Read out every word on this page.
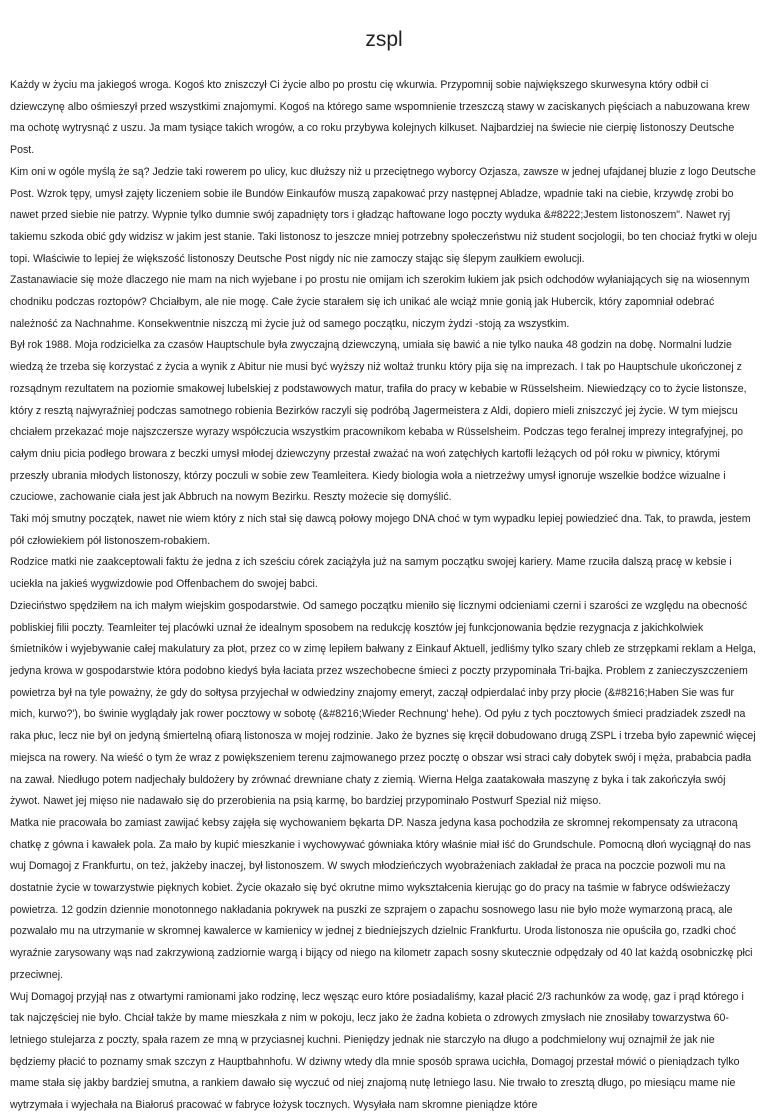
zspl

Każdy w życiu ma jakiegoś wroga. Kogoś kto zniszczył Ci życie albo po prostu cię wkurwia. Przypomnij sobie największego skurwesyna który odbił ci dziewczynę albo ośmieszył przed wszystkimi znajomymi. Kogoś na którego same wspomnienie trzeszczą stawy w zaciskanych pięściach a nabuzowana krew ma ochotę wytrysnąć z uszu. Ja mam tysiące takich wrogów, a co roku przybywa kolejnych kilkuset. Najbardziej na świecie nie cierpię listonoszy Deutsche Post.

Kim oni w ogóle myślą że są? Jedzie taki rowerem po ulicy, kuc dłuższy niż u przeciętnego wyborcy Ozjasza, zawsze w jednej ufajdanej bluzie z logo Deutsche Post. Wzrok tępy, umysł zajęty liczeniem sobie ile Bundów Einkaufów muszą zapakować przy następnej Abladze, wpadnie taki na ciebie, krzywdę zrobi bo nawet przed siebie nie patrzy. Wypnie tylko dumnie swój zapadnięty tors i gładząc haftowane logo poczty wyduka &#8222;Jestem listonoszem". Nawet ryj takiemu szkoda obić gdy widzisz w jakim jest stanie. Taki listonosz to jeszcze mniej potrzebny społeczeństwu niż student socjologii, bo ten chociaż frytki w oleju topi. Właściwie to lepiej że większość listonoszy Deutsche Post nigdy nic nie zamoczy stając się ślepym zaułkiem ewolucji.

Zastanawiacie się może dlaczego nie mam na nich wyjebane i po prostu nie omijam ich szerokim łukiem jak psich odchodów wyłaniających się na wiosennym chodniku podczas roztopów? Chciałbym, ale nie mogę. Całe życie starałem się ich unikać ale wciąż mnie gonią jak Hubercik, który zapomniał odebrać należność za Nachnahme. Konsekwentnie niszczą mi życie już od samego początku, niczym żydzi -stoją za wszystkim.

Był rok 1988. Moja rodzicielka za czasów Hauptschule była zwyczajną dziewczyną, umiała się bawić a nie tylko nauka 48 godzin na dobę. Normalni ludzie wiedzą że trzeba się korzystać z życia a wynik z Abitur nie musi być wyższy niż woltaż trunku który pija się na imprezach. I tak po Hauptschule ukończonej z rozsądnym rezultatem na poziomie smakowej lubelskiej z podstawowych matur, trafiła do pracy w kebabie w Rüsselsheim. Niewiedzący co to życie listonsze, który z resztą najwyraźniej podczas samotnego robienia Bezirków raczyli się podróbą Jagermeistera z Aldi, dopiero mieli zniszczyć jej życie. W tym miejscu chciałem przekazać moje najszczersze wyrazy współczucia wszystkim pracownikom kebaba w Rüsselsheim. Podczas tego feralnej imprezy integrafyjnej, po całym dniu picia podłego browara z beczki umysł młodej dziewczyny przestał zważać na woń zatęchłych kartofli leżących od pół roku w piwnicy, którymi przeszły ubrania młodych listonoszy, którzy poczuli w sobie zew Teamleitera. Kiedy biologia woła a nietrzeźwy umysł ignoruje wszelkie bodźce wizualne i czuciowe, zachowanie ciała jest jak Abbruch na nowym Bezirku. Reszty możecie się domyślić.

Taki mój smutny początek, nawet nie wiem który z nich stał się dawcą połowy mojego DNA choć w tym wypadku lepiej powiedzieć dna. Tak, to prawda, jestem pół człowiekiem pół listonoszem-robakiem.

Rodzice matki nie zaakceptowali faktu że jedna z ich sześciu córek zaciążyła już na samym początku swojej kariery. Mame rzuciła dalszą pracę w kebsie i uciekła na jakieś wygwizdowie pod Offenbachem do swojej babci.

Dzieciństwo spędziłem na ich małym wiejskim gospodarstwie. Od samego początku mieniło się licznymi odcieniami czerni i szarości ze względu na obecność pobliskiej filii poczty. Teamleiter tej placówki uznał że idealnym sposobem na redukcję kosztów jej funkcjonowania będzie rezygnacja z jakichkolwiek śmietników i wyjebywanie całej makulatury za płot, przez co w zimę lepiłem bałwany z Einkauf Aktuell, jedliśmy tylko szary chleb ze strzępkami reklam a Helga, jedyna krowa w gospodarstwie która podobno kiedyś była łaciata przez wszechobecne śmieci z poczty przypominała Tri-bajka. Problem z zanieczyszczeniem powietrza był na tyle poważny, że gdy do sołtysa przyjechał w odwiedziny znajomy emeryt, zaczął odpierdalać inby przy płocie (&#8216;Haben Sie was fur mich, kurwo?'), bo świnie wyglądały jak rower pocztowy w sobotę (&#8216;Wieder Rechnung' hehe). Od pyłu z tych pocztowych śmieci pradziadek zszedł na raka płuc, lecz nie był on jedyną śmiertelną ofiarą listonosza w mojej rodzinie. Jako że byznes się kręcił dobudowano drugą ZSPL i trzeba było zapewnić więcej miejsca na rowery. Na wieść o tym że wraz z powiększeniem terenu zajmowanego przez pocztę o obszar wsi straci cały dobytek swój i męża, prababcia padła na zawał. Niedługo potem nadjechały buldożery by zrównać drewniane chaty z ziemią. Wierna Helga zaatakowała maszynę z byka i tak zakończyła swój żywot. Nawet jej mięso nie nadawało się do przerobienia na psią karmę, bo bardziej przypominało Postwurf Spezial niż mięso.

Matka nie pracowała bo zamiast zawijać kebsy zajęła się wychowaniem bękarta DP. Nasza jedyna kasa pochodziła ze skromnej rekompensaty za utraconą chatkę z gówna i kawałek pola. Za mało by kupić mieszkanie i wychowywać gówniaka który właśnie miał iść do Grundschule. Pomocną dłoń wyciągnął do nas wuj Domagoj z Frankfurtu, on też, jakżeby inaczej, był listonoszem. W swych młodzieńczych wyobrażeniach zakładał że praca na poczcie pozwoli mu na dostatnie życie w towarzystwie pięknych kobiet. Życie okazało się być okrutne mimo wykształcenia kierując go do pracy na taśmie w fabryce odświeżaczy powietrza. 12 godzin dziennie monotonnego nakładania pokrywek na puszki ze szprajem o zapachu sosnowego lasu nie było może wymarzoną pracą, ale pozwalało mu na utrzymanie w skromnej kawalerce w kamienicy w jednej z biedniejszych dzielnic Frankfurtu. Uroda listonosza nie opuściła go, rzadki choć wyraźnie zarysowany wąs nad zakrzywioną zadziornie wargą i bijący od niego na kilometr zapach sosny skutecznie odpędzały od 40 lat każdą osobniczkę płci przeciwnej.

Wuj Domagoj przyjął nas z otwartymi ramionami jako rodzinę, lecz węsząc euro które posiadaliśmy, kazał płacić 2/3 rachunków za wodę, gaz i prąd którego i tak najczęściej nie było. Chciał także by mame mieszkała z nim w pokoju, lecz jako że żadna kobieta o zdrowych zmysłach nie znosiłaby towarzystwa 60-letniego stulejarza z poczty, spała razem ze mną w przyciasnej kuchni. Pieniędzy jednak nie starczyło na długo a podchmielony wuj oznajmił że jak nie będziemy płacić to poznamy smak szczyn z Hauptbahnhofu. W dziwny wtedy dla mnie sposób sprawa ucichła, Domagoj przestał mówić o pieniądzach tylko mame stała się jakby bardziej smutna, a rankiem dawało się wyczuć od niej znajomą nutę letniego lasu. Nie trwało to zresztą długo, po miesiącu mame nie wytrzymała i wyjechała na Białoruś pracować w fabryce łożysk tocznych. Wysyłała nam skromne pieniądze które
